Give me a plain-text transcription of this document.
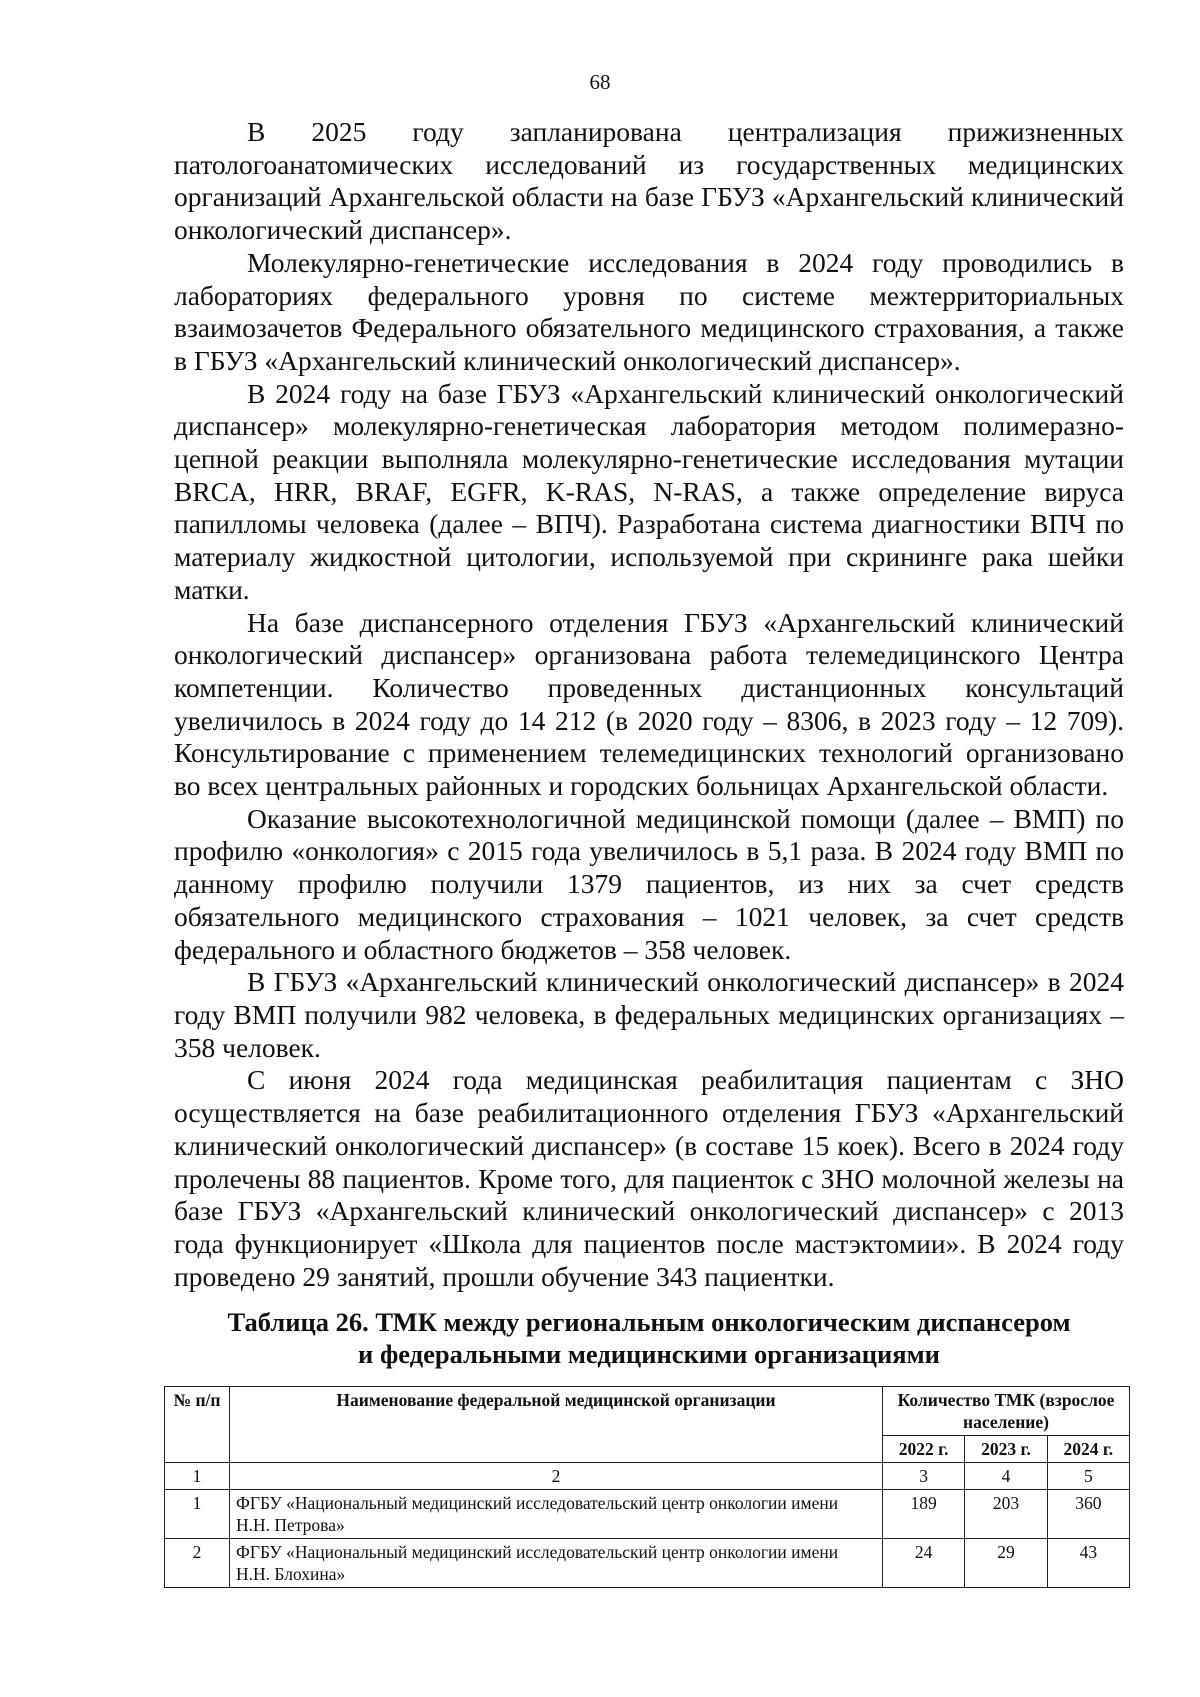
68

В 2025 году запланирована централизация прижизненных патологоанатомических исследований из государственных медицинских организаций Архангельской области на базе ГБУЗ «Архангельский клинический онкологический диспансер».

Молекулярно-генетические исследования в 2024 году проводились в лабораториях федерального уровня по системе межтерриториальных взаимозачетов Федерального обязательного медицинского страхования, а также в ГБУЗ «Архангельский клинический онкологический диспансер».

В 2024 году на базе ГБУЗ «Архангельский клинический онкологический диспансер» молекулярно-генетическая лаборатория методом полимеразно-цепной реакции выполняла молекулярно-генетические исследования мутации BRCA, HRR, BRAF, EGFR, K-RAS, N-RAS, а также определение вируса папилломы человека (далее – ВПЧ). Разработана система диагностики ВПЧ по материалу жидкостной цитологии, используемой при скрининге рака шейки матки.

На базе диспансерного отделения ГБУЗ «Архангельский клинический онкологический диспансер» организована работа телемедицинского Центра компетенции. Количество проведенных дистанционных консультаций увеличилось в 2024 году до 14 212 (в 2020 году – 8306, в 2023 году – 12 709). Консультирование с применением телемедицинских технологий организовано во всех центральных районных и городских больницах Архангельской области.

Оказание высокотехнологичной медицинской помощи (далее – ВМП) по профилю «онкология» с 2015 года увеличилось в 5,1 раза. В 2024 году ВМП по данному профилю получили 1379 пациентов, из них за счет средств обязательного медицинского страхования – 1021 человек, за счет средств федерального и областного бюджетов – 358 человек.

В ГБУЗ «Архангельский клинический онкологический диспансер» в 2024 году ВМП получили 982 человека, в федеральных медицинских организациях – 358 человек.

С июня 2024 года медицинская реабилитация пациентам с ЗНО осуществляется на базе реабилитационного отделения ГБУЗ «Архангельский клинический онкологический диспансер» (в составе 15 коек). Всего в 2024 году пролечены 88 пациентов. Кроме того, для пациенток с ЗНО молочной железы на базе ГБУЗ «Архангельский клинический онкологический диспансер» с 2013 года функционирует «Школа для пациентов после мастэктомии». В 2024 году проведено 29 занятий, прошли обучение 343 пациентки.

Таблица 26. ТМК между региональным онкологическим диспансером
и федеральными медицинскими организациями
№ п/п	Наименование федеральной медицинской организации	Количество ТМК (взрослое население)		
		2022 г.	2023 г.	2024 г.
1	2	3	4	5
1	ФГБУ «Национальный медицинский исследовательский центр онкологии имени Н.Н. Петрова»	189	203	360
2	ФГБУ «Национальный медицинский исследовательский центр онкологии имени Н.Н. Блохина»	24	29	43
